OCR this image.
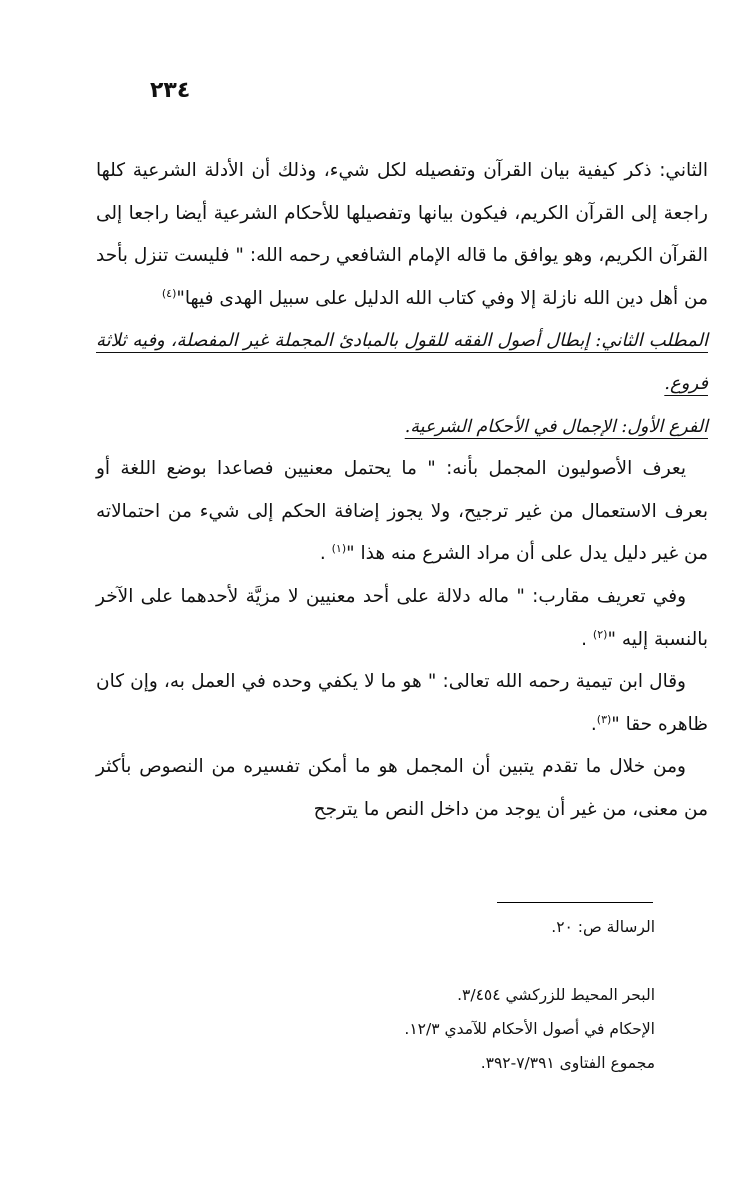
٢٣٤

الثاني: ذكر كيفية بيان القرآن وتفصيله لكل شيء، وذلك أن الأدلة الشرعية كلها راجعة إلى القرآن الكريم، فيكون بيانها وتفصيلها للأحكام الشرعية أيضا راجعا إلى القرآن الكريم، وهو يوافق ما قاله الإمام الشافعي رحمه الله: " فليست تنزل بأحد من أهل دين الله نازلة إلا وفي كتاب الله الدليل على سبيل الهدى فيها"$^{(٤)}$

المطلب الثاني: إبطال أصول الفقه للقول بالمبادئ المجملة غير المفصلة، وفيه ثلاثة فروع.

الفرع الأول: الإجمال في الأحكام الشرعية.

يعرف الأصوليون المجمل بأنه: " ما يحتمل معنيين فصاعدا بوضع اللغة أو بعرف الاستعمال من غير ترجيح، ولا يجوز إضافة الحكم إلى شيء من احتمالاته من غير دليل يدل على أن مراد الشرع منه هذا "$^{(١)}$ .

وفي تعريف مقارب: " ماله دلالة على أحد معنيين لا مزيَّة لأحدهما على الآخر بالنسبة إليه "$^{(٢)}$ .

وقال ابن تيمية رحمه الله تعالى: " هو ما لا يكفي وحده في العمل به، وإن كان ظاهره حقا "$^{(٣)}$.

ومن خلال ما تقدم يتبين أن المجمل هو ما أمكن تفسيره من النصوص بأكثر من معنى، من غير أن يوجد من داخل النص ما يترجح

الرسالة ص: ٢٠.
البحر المحيط للزركشي ٣/٤٥٤.
الإحكام في أصول الأحكام للآمدي ١٢/٣.
مجموع الفتاوى ٧/٣٩١-٣٩٢.
